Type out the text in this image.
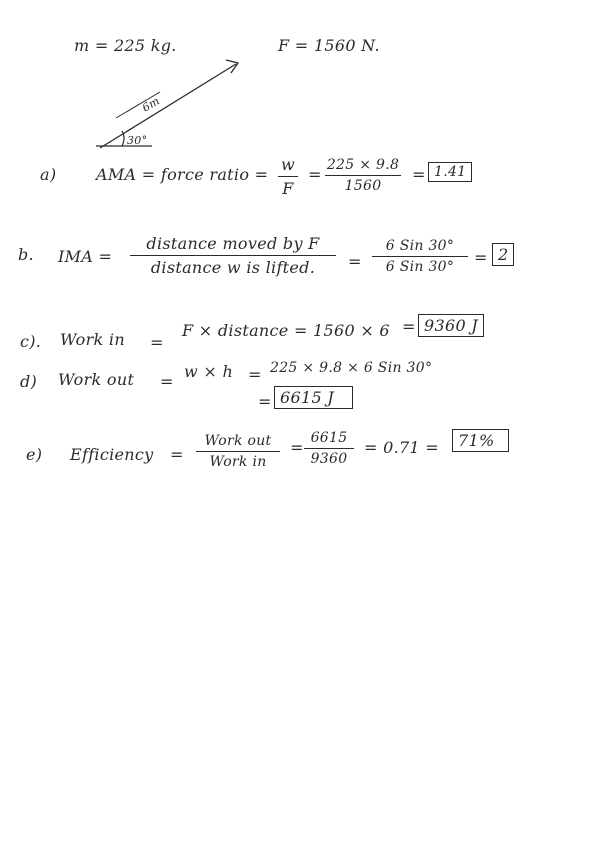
m = 225 kg.	F = 1560 N.
6m
30°
a) AMA = force ratio =
w
F
= 225 × 9.8
1560
= 1.41
b. IMA =
distance moved by F
distance w is lifted.	=
6 Sin 30°
6 Sin 30°	= 2
c). Work in =
F × distance = 1560 × 6 = 9360 J
d) Work out =
w × h = 225 × 9.8 × 6 Sin 30°
= 6615 J
e) Efficiency =
Work out
Work in
= 6615
9360
= 0.71 =	71%
